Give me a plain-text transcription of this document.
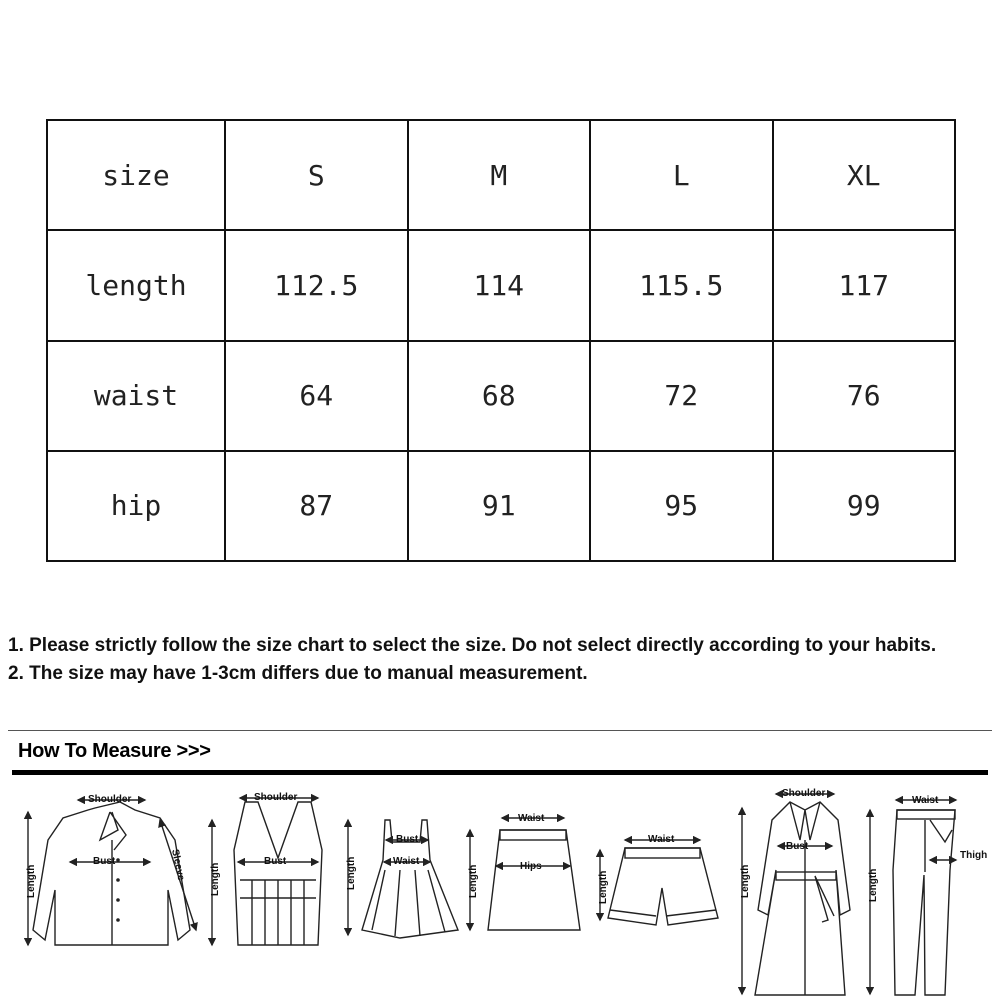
size	S	M	L	XL
length	112.5	114	115.5	117
waist	64	68	72	76
hip	87	91	95	99

1. Please strictly follow the size chart to select the size. Do not select directly according to your habits.

2. The size may have 1-3cm differs due to manual measurement.

How To Measure >>>
Shoulder
Bust
Length	Sleeve
Shoulder
Bust
Length
Bust
Waist
Length
Waist
Hips
Length
Waist
Length
Shoulder
Bust
Length
Waist
Thigh
Length
